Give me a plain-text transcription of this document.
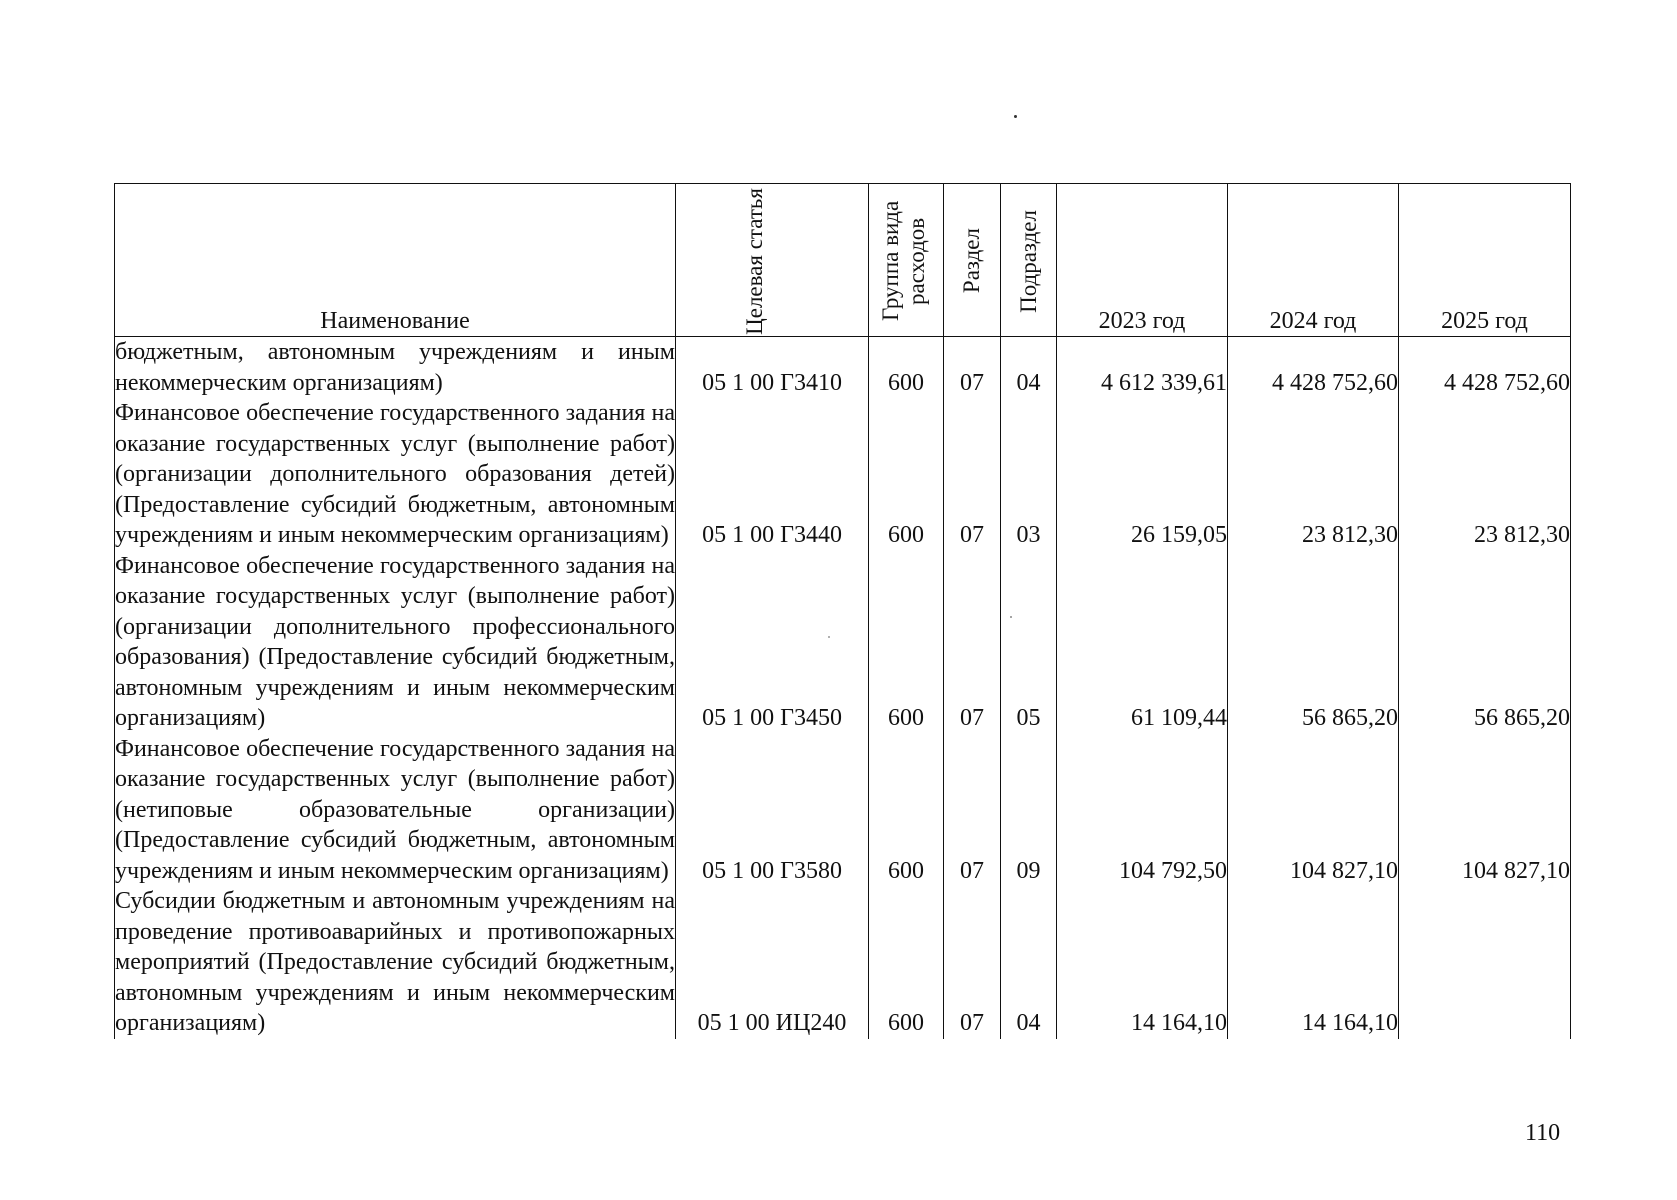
Наименование	Целевая статья	Группа вида расходов	Раздел	Подраздел	2023 год	2024 год	2025 год
бюджетным, автономным учреждениям и иным некоммерческим организациям)	05 1 00 Г3410	600	07	04	4 612 339,61	4 428 752,60	4 428 752,60
Финансовое обеспечение государственного задания на оказание государственных услуг (выполнение работ) (организации дополнительного образования детей) (Предоставление субсидий бюджетным, автономным учреждениям и иным некоммерческим организациям)	05 1 00 Г3440	600	07	03	26 159,05	23 812,30	23 812,30
Финансовое обеспечение государственного задания на оказание государственных услуг (выполнение работ) (организации дополнительного профессионального образования) (Предоставление субсидий бюджетным, автономным учреждениям и иным некоммерческим организациям)	05 1 00 Г3450	600	07	05	61 109,44	56 865,20	56 865,20
Финансовое обеспечение государственного задания на оказание государственных услуг (выполнение работ) (нетиповые образовательные организации) (Предоставление субсидий бюджетным, автономным учреждениям и иным некоммерческим организациям)	05 1 00 Г3580	600	07	09	104 792,50	104 827,10	104 827,10
Субсидии бюджетным и автономным учреждениям на проведение противоаварийных и противопожарных мероприятий (Предоставление субсидий бюджетным, автономным учреждениям и иным некоммерческим организациям)	05 1 00 ИЦ240	600	07	04	14 164,10	14 164,10	
110
